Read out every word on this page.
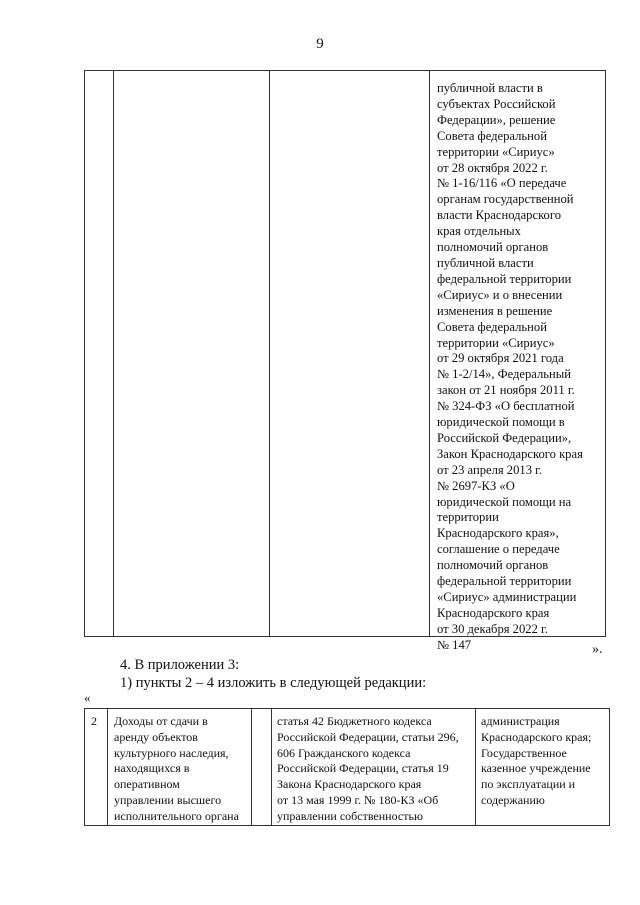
9
публичной власти в
субъектах Российской
Федерации», решение
Совета федеральной
территории «Сириус»
от 28 октября 2022 г.
№ 1-16/116 «О передаче
органам государственной
власти Краснодарского
края отдельных
полномочий органов
публичной власти
федеральной территории
«Сириус» и о внесении
изменения в решение
Совета федеральной
территории «Сириус»
от 29 октября 2021 года
№ 1-2/14», Федеральный
закон от 21 ноября 2011 г.
№ 324-ФЗ «О бесплатной
юридической помощи в
Российской Федерации»,
Закон Краснодарского края
от 23 апреля 2013 г.
№ 2697-КЗ «О
юридической помощи на
территории
Краснодарского края»,
соглашение о передаче
полномочий органов
федеральной территории
«Сириус» администрации
Краснодарского края
от 30 декабря 2022 г.
№ 147	».
4. В приложении 3:
1) пункты 2 – 4 изложить в следующей редакции:
«
2 Доходы от сдачи в
аренду объектов
культурного наследия,
находящихся в
оперативном
управлении высшего
исполнительного органа
статья 42 Бюджетного кодекса
Российской Федерации, статьи 296,
606 Гражданского кодекса
Российской Федерации, статья 19
Закона Краснодарского края
от 13 мая 1999 г. № 180-КЗ «Об
управлении собственностью
администрация
Краснодарского края;
Государственное
казенное учреждение
по эксплуатации и
содержанию
